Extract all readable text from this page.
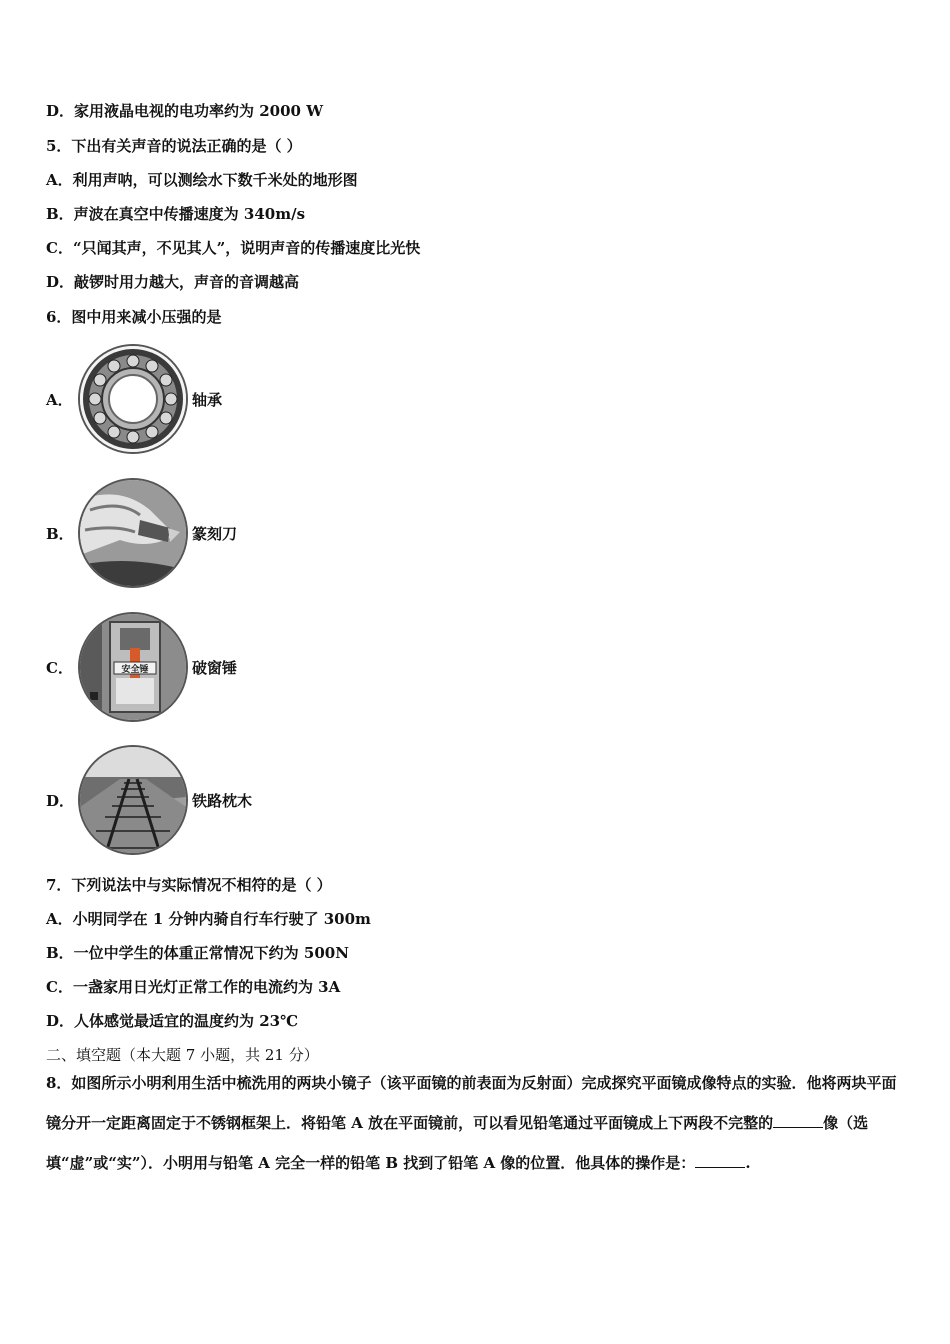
D．家用液晶电视的电功率约为 2000 W
5．下出有关声音的说法正确的是（ ）
A．利用声呐，可以测绘水下数千米处的地形图
B．声波在真空中传播速度为 340m/s
C．“只闻其声，不见其人”，说明声音的传播速度比光快
D．敲锣时用力越大，声音的音调越高
6．图中用来减小压强的是
A．	轴承
B．	篆刻刀
C．	安全锤	破窗锤
D．	铁路枕木
7．下列说法中与实际情况不相符的是（ ）
A．小明同学在 1 分钟内骑自行车行驶了 300m
B．一位中学生的体重正常情况下约为 500N
C．一盏家用日光灯正常工作的电流约为 3A
D．人体感觉最适宜的温度约为 23℃
二、填空题（本大题 7 小题，共 21 分）
8．如图所示小明利用生活中梳洗用的两块小镜子（该平面镜的前表面为反射面）完成探究平面镜成像特点的实验．他将两块平面镜分开一定距离固定于不锈钢框架上．将铅笔 A 放在平面镜前，可以看见铅笔通过平面镜成上下两段不完整的	像（选填“虚”或“实”）．小明用与铅笔 A 完全一样的铅笔 B 找到了铅笔 A 像的位置．他具体的操作是：	.
